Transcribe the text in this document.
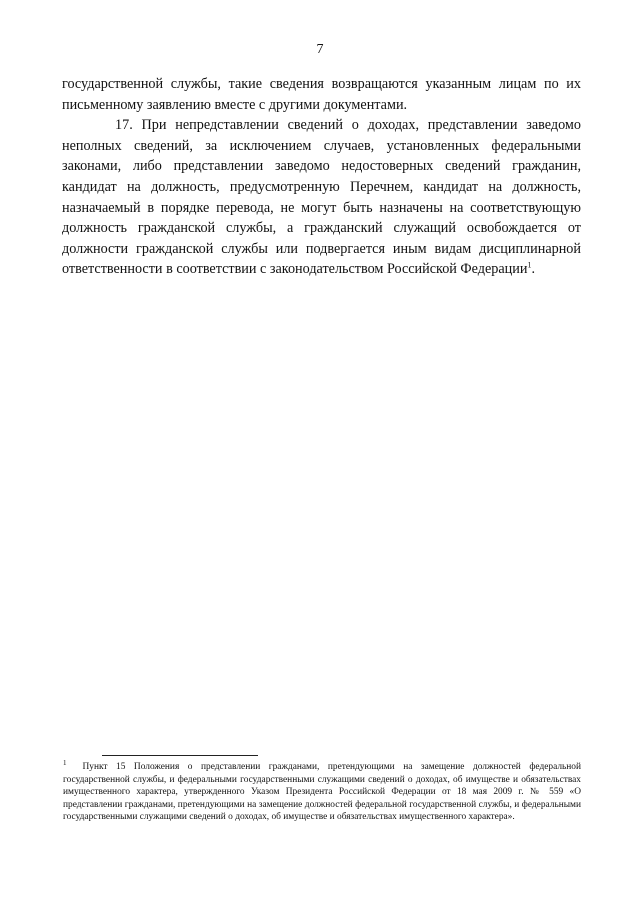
7

государственной службы, такие сведения возвращаются указанным лицам по их письменному заявлению вместе с другими документами.

17. При непредставлении сведений о доходах, представлении заведомо неполных сведений, за исключением случаев, установленных федеральными законами, либо представлении заведомо недостоверных сведений гражданин, кандидат на должность, предусмотренную Перечнем, кандидат на должность, назначаемый в порядке перевода, не могут быть назначены на соответствующую должность гражданской службы, а гражданский служащий освобождается от должности гражданской службы или подвергается иным видам дисциплинарной ответственности в соответствии с законодательством Российской Федерации$^1$.

$^1$ Пункт 15 Положения о представлении гражданами, претендующими на замещение должностей федеральной государственной службы, и федеральными государственными служащими сведений о доходах, об имуществе и обязательствах имущественного характера, утвержденного Указом Президента Российской Федерации от 18 мая 2009 г. № 559 «О представлении гражданами, претендующими на замещение должностей федеральной государственной службы, и федеральными государственными служащими сведений о доходах, об имуществе и обязательствах имущественного характера».
